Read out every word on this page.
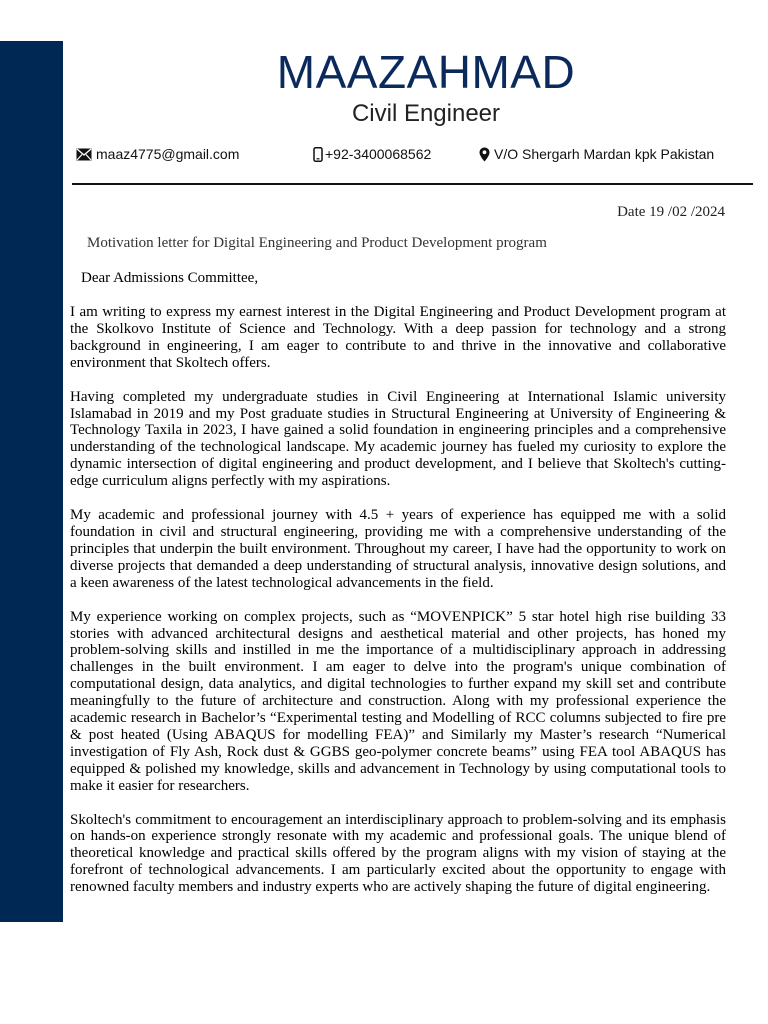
MAAZAHMAD
Civil Engineer
maaz4775@gmail.com	+92-3400068562	V/O Shergarh Mardan kpk Pakistan
Date 19 /02 /2024
Motivation letter for Digital Engineering and Product Development program
Dear Admissions Committee,

I am writing to express my earnest interest in the Digital Engineering and Product Development program at the Skolkovo Institute of Science and Technology. With a deep passion for technology and a strong background in engineering, I am eager to contribute to and thrive in the innovative and collaborative environment that Skoltech offers.

Having completed my undergraduate studies in Civil Engineering at International Islamic university Islamabad in 2019 and my Post graduate studies in Structural Engineering at University of Engineering & Technology Taxila in 2023, I have gained a solid foundation in engineering principles and a comprehensive understanding of the technological landscape. My academic journey has fueled my curiosity to explore the dynamic intersection of digital engineering and product development, and I believe that Skoltech's cutting-edge curriculum aligns perfectly with my aspirations.

My academic and professional journey with 4.5 + years of experience has equipped me with a solid foundation in civil and structural engineering, providing me with a comprehensive understanding of the principles that underpin the built environment. Throughout my career, I have had the opportunity to work on diverse projects that demanded a deep understanding of structural analysis, innovative design solutions, and a keen awareness of the latest technological advancements in the field.

My experience working on complex projects, such as “MOVENPICK” 5 star hotel high rise building 33 stories with advanced architectural designs and aesthetical material and other projects, has honed my problem-solving skills and instilled in me the importance of a multidisciplinary approach in addressing challenges in the built environment. I am eager to delve into the program's unique combination of computational design, data analytics, and digital technologies to further expand my skill set and contribute meaningfully to the future of architecture and construction. Along with my professional experience the academic research in Bachelor’s “Experimental testing and Modelling of RCC columns subjected to fire pre & post heated (Using ABAQUS for modelling FEA)” and Similarly my Master’s research “Numerical investigation of Fly Ash, Rock dust & GGBS geo-polymer concrete beams” using FEA tool ABAQUS has equipped & polished my knowledge, skills and advancement in Technology by using computational tools to make it easier for researchers.

Skoltech's commitment to encouragement an interdisciplinary approach to problem-solving and its emphasis on hands-on experience strongly resonate with my academic and professional goals. The unique blend of theoretical knowledge and practical skills offered by the program aligns with my vision of staying at the forefront of technological advancements. I am particularly excited about the opportunity to engage with renowned faculty members and industry experts who are actively shaping the future of digital engineering.
